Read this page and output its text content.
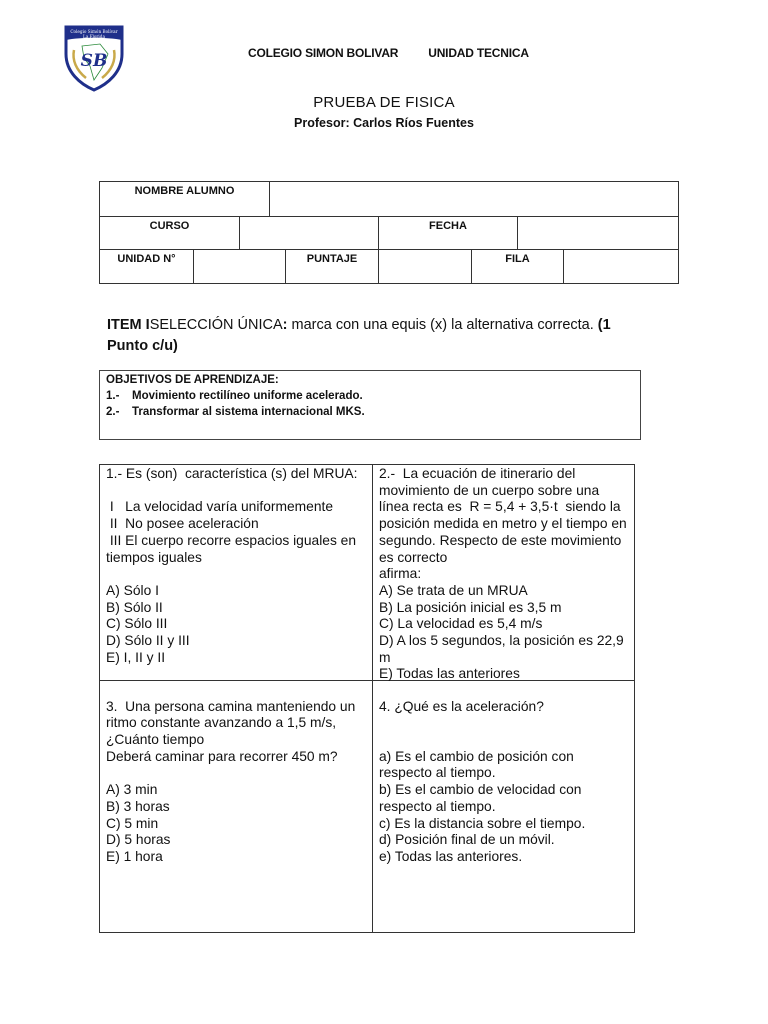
Colegio Simón Bolívar
La Florida
SB	COLEGIO SIMON BOLIVAR	UNIDAD TECNICA
PRUEBA DE FISICA
Profesor: Carlos Ríos Fuentes
NOMBRE ALUMNO
CURSO	FECHA
UNIDAD N°	PUNTAJE	FILA
ITEM ISELECCIÓN ÚNICA: marca con una equis (x) la alternativa correcta. (1 Punto c/u)
OBJETIVOS DE APRENDIZAJE:
1.-	Movimiento rectilíneo uniforme acelerado.
2.-	Transformar al sistema internacional MKS.
1.- Es (son)  característica (s) del MRUA:
I   La velocidad varía uniformemente
II  No posee aceleración
III El cuerpo recorre espacios iguales en
tiempos iguales
A) Sólo I
B) Sólo II
C) Sólo III
D) Sólo II y III
E) I, II y II
2.-  La ecuación de itinerario del
movimiento de un cuerpo sobre una
línea recta es  R = 5,4 + 3,5·t  siendo la
posición medida en metro y el tiempo en
segundo. Respecto de este movimiento
es correcto
afirma:
A) Se trata de un MRUA
B) La posición inicial es 3,5 m
C) La velocidad es 5,4 m/s
D) A los 5 segundos, la posición es 22,9
m
E) Todas las anteriores
3.  Una persona camina manteniendo un
ritmo constante avanzando a 1,5 m/s,
¿Cuánto tiempo
Deberá caminar para recorrer 450 m?
A) 3 min
B) 3 horas
C) 5 min
D) 5 horas
E) 1 hora
4. ¿Qué es la aceleración?
a) Es el cambio de posición con
respecto al tiempo.
b) Es el cambio de velocidad con
respecto al tiempo.
c) Es la distancia sobre el tiempo.
d) Posición final de un móvil.
e) Todas las anteriores.
